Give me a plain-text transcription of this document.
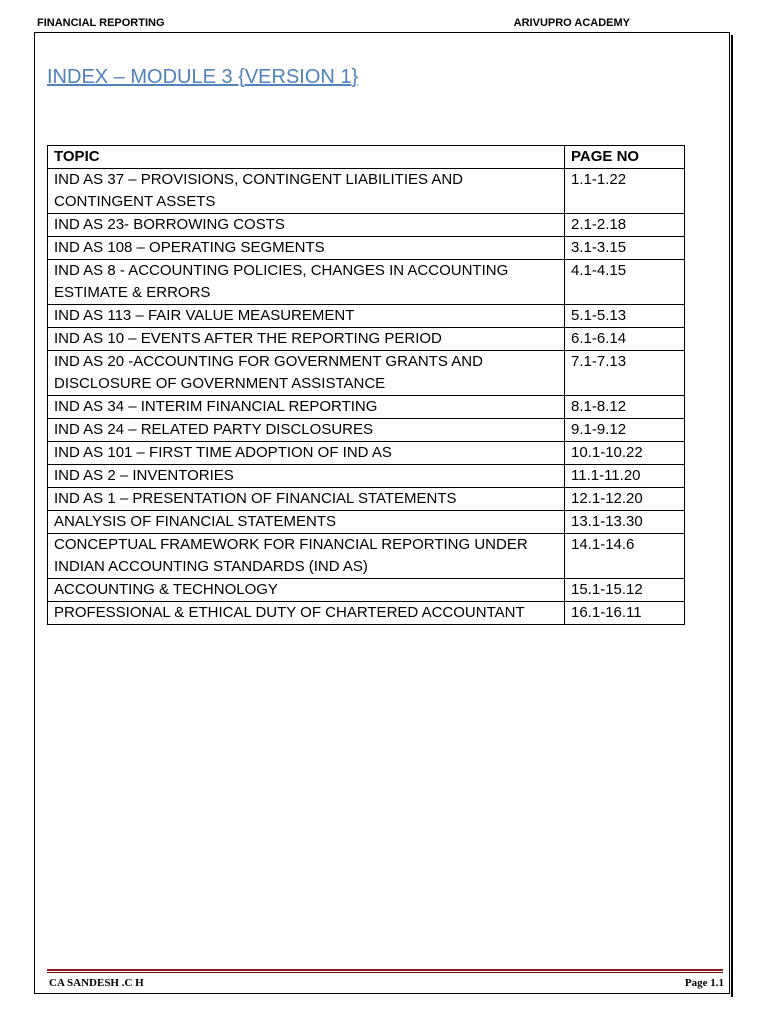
FINANCIAL REPORTING	ARIVUPRO ACADEMY
INDEX – MODULE 3 {VERSION 1}
TOPIC	PAGE NO
IND AS 37 – PROVISIONS, CONTINGENT LIABILITIES AND CONTINGENT ASSETS	1.1-1.22
IND AS 23- BORROWING COSTS	2.1-2.18
IND AS 108 – OPERATING SEGMENTS	3.1-3.15
IND AS 8 - ACCOUNTING POLICIES, CHANGES IN ACCOUNTING ESTIMATE & ERRORS	4.1-4.15
IND AS 113 – FAIR VALUE MEASUREMENT	5.1-5.13
IND AS 10 – EVENTS AFTER THE REPORTING PERIOD	6.1-6.14
IND AS 20 -ACCOUNTING FOR GOVERNMENT GRANTS AND DISCLOSURE OF GOVERNMENT ASSISTANCE	7.1-7.13
IND AS 34 – INTERIM FINANCIAL REPORTING	8.1-8.12
IND AS 24 – RELATED PARTY DISCLOSURES	9.1-9.12
IND AS 101 – FIRST TIME ADOPTION OF IND AS	10.1-10.22
IND AS 2 – INVENTORIES	11.1-11.20
IND AS 1 – PRESENTATION OF FINANCIAL STATEMENTS	12.1-12.20
ANALYSIS OF FINANCIAL STATEMENTS	13.1-13.30
CONCEPTUAL FRAMEWORK FOR FINANCIAL REPORTING UNDER INDIAN ACCOUNTING STANDARDS (IND AS)	14.1-14.6
ACCOUNTING & TECHNOLOGY	15.1-15.12
PROFESSIONAL & ETHICAL DUTY OF CHARTERED ACCOUNTANT	16.1-16.11
CA SANDESH .C H	Page 1.1
